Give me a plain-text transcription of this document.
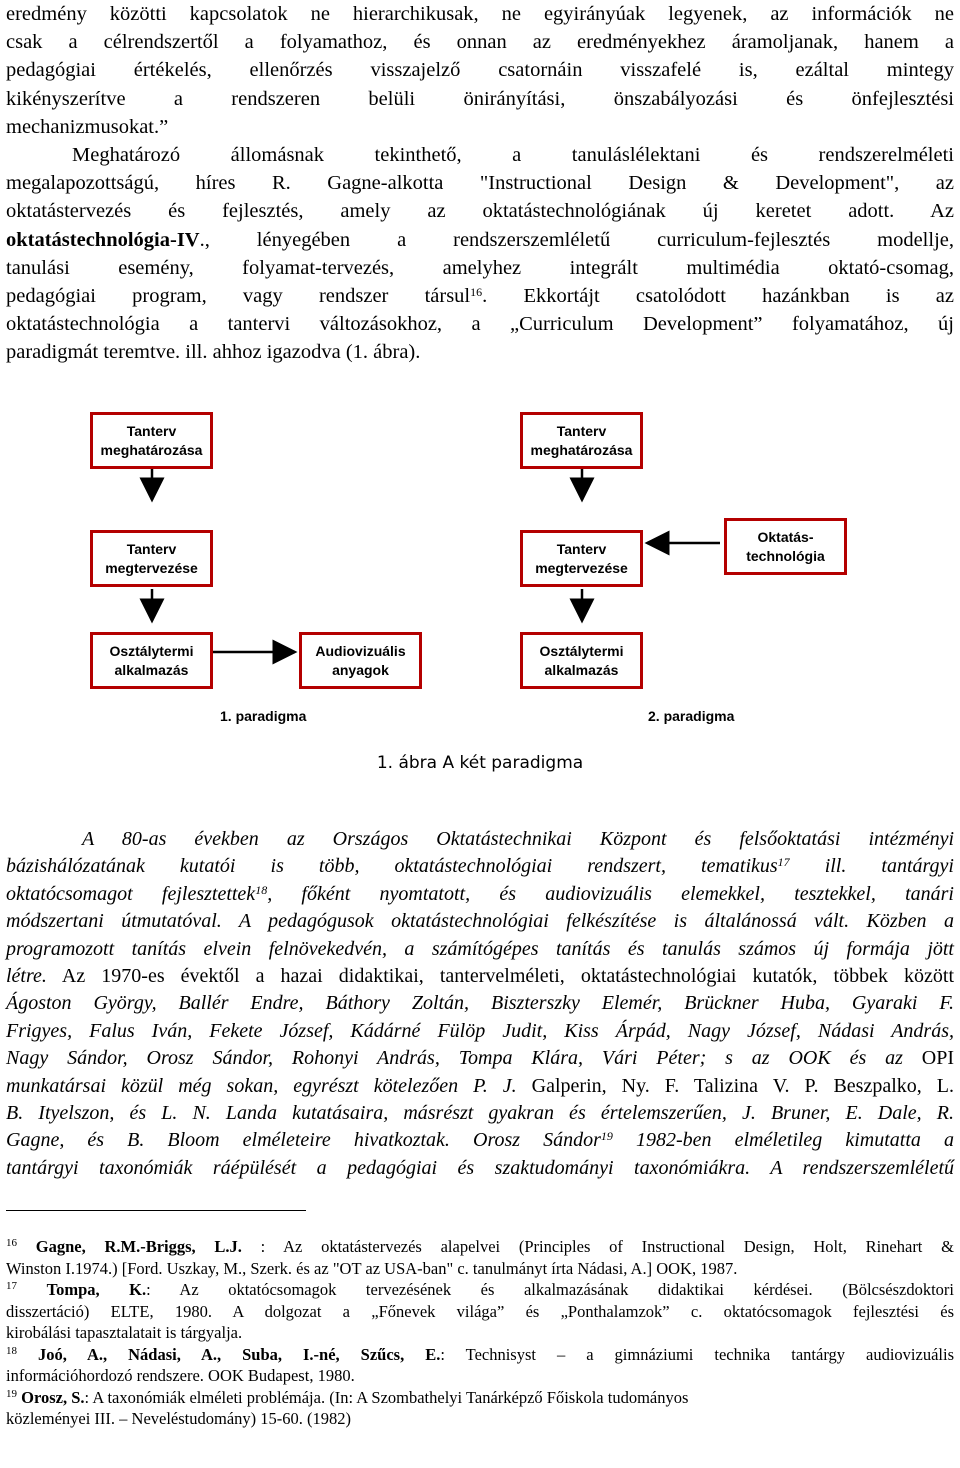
eredmény közötti kapcsolatok ne hierarchikusak, ne egyirányúak legyenek, az információk ne
csak a célrendszertől a folyamathoz, és onnan az eredményekhez áramoljanak, hanem a
pedagógiai értékelés, ellenőrzés visszajelző csatornáin visszafelé is, ezáltal mintegy
kikényszerítve a rendszeren belüli önirányítási, önszabályozási és önfejlesztési
mechanizmusokat.”
Meghatározó állomásnak tekinthető, a tanuláslélektani és rendszerelméleti
megalapozottságú, híres R. Gagne-alkotta "Instructional Design & Development", az
oktatástervezés és fejlesztés, amely az oktatástechnológiának új keretet adott. Az
oktatástechnológia-IV., lényegében a rendszerszemléletű curriculum-fejlesztés modellje,
tanulási esemény, folyamat-tervezés, amelyhez integrált multimédia oktató-csomag,
pedagógiai program, vagy rendszer társul$^{16}$. Ekkortájt csatolódott hazánkban is az
oktatástechnológia a tantervi változásokhoz, a „Curriculum Development” folyamatához, új
paradigmát teremtve. ill. ahhoz igazodva (1. ábra).
Tanterv meghatározása
Tanterv megtervezése
Osztálytermi alkalmazás
Audiovizuális anyagok
Tanterv meghatározása
Tanterv megtervezése
Osztálytermi alkalmazás
Oktatás-technológia
1. paradigma	2. paradigma
1. ábra A két paradigma
A 80-as években az Országos Oktatástechnikai Központ és felsőoktatási intézményi
bázishálózatának kutatói is több, oktatástechnológiai rendszert, tematikus$^{17}$ ill. tantárgyi
oktatócsomagot fejlesztettek$^{18}$, főként nyomtatott, és audiovizuális elemekkel, tesztekkel, tanári
módszertani útmutatóval. A pedagógusok oktatástechnológiai felkészítése is általánossá vált. Közben a
programozott tanítás elvein felnövekedvén, a számítógépes tanítás és tanulás számos új formája jött
létre. Az 1970-es évektől a hazai didaktikai, tantervelméleti, oktatástechnológiai kutatók, többek között
Ágoston György, Ballér Endre, Báthory Zoltán, Biszterszky Elemér, Brückner Huba, Gyaraki F.
Frigyes, Falus Iván, Fekete József, Kádárné Fülöp Judit, Kiss Árpád, Nagy József, Nádasi András,
Nagy Sándor, Orosz Sándor, Rohonyi András, Tompa Klára, Vári Péter; s az OOK és az OPI
munkatársai közül még sokan, egyrészt kötelezően P. J. Galperin, Ny. F. Talizina V. P. Beszpalko, L.
B. Ityelszon, és L. N. Landa kutatásaira, másrészt gyakran és értelemszerűen, J. Bruner, E. Dale, R.
Gagne, és B. Bloom elméleteire hivatkoztak. Orosz Sándor$^{19}$ 1982-ben elméletileg kimutatta a
tantárgyi taxonómiák ráépülését a pedagógiai és szaktudományi taxonómiákra. A rendszerszemléletű
$^{16}$ Gagne, R.M.-Briggs, L.J. : Az oktatástervezés alapelvei (Principles of Instructional Design, Holt, Rinehart &
Winston I.1974.) [Ford. Uszkay, M., Szerk. és az "OT az USA-ban" c. tanulmányt írta Nádasi, A.] OOK, 1987.
$^{17}$ Tompa, K.: Az oktatócsomagok tervezésének és alkalmazásának didaktikai kérdései. (Bölcsészdoktori
disszertáció) ELTE, 1980. A dolgozat a „Főnevek világa” és „Ponthalamzok” c. oktatócsomagok fejlesztési és
kirobálási tapasztalatait is tárgyalja.
$^{18}$ Joó, A., Nádasi, A., Suba, I.-né, Szűcs, E.: Technisyst – a gimnáziumi technika tantárgy audiovizuális
információhordozó rendszere. OOK Budapest, 1980.
$^{19}$ Orosz, S.: A taxonómiák elméleti problémája. (In: A Szombathelyi Tanárképző Főiskola tudományos
közleményei III. – Neveléstudomány) 15-60. (1982)
